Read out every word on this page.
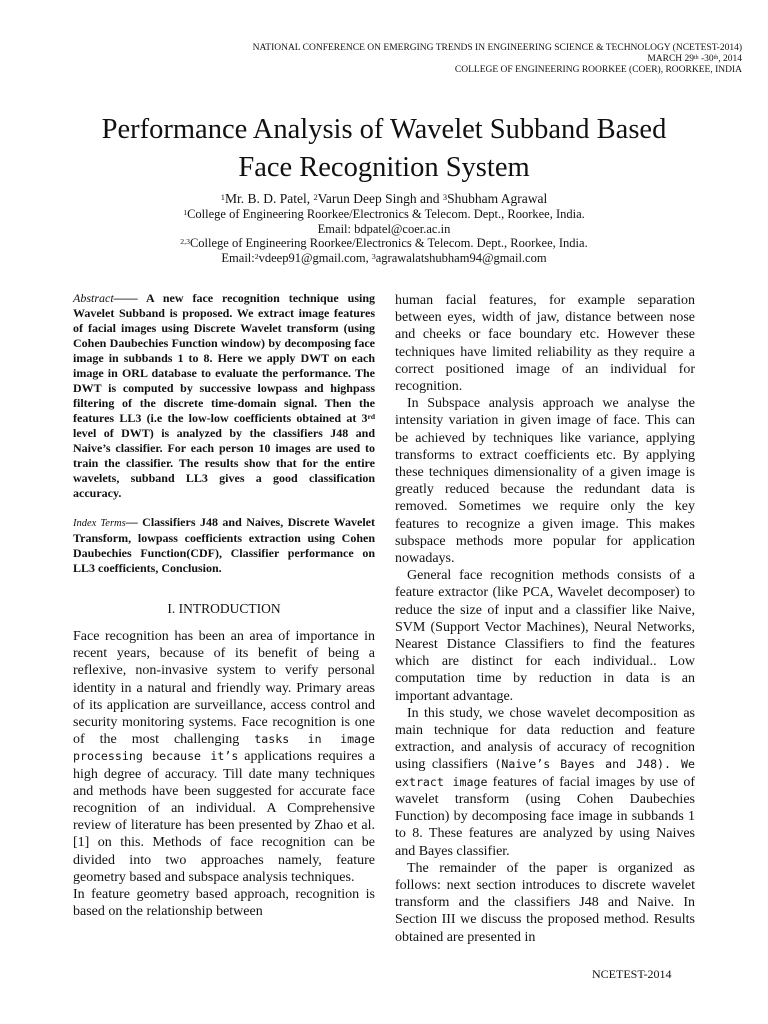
NATIONAL CONFERENCE ON EMERGING TRENDS IN ENGINEERING SCIENCE & TECHNOLOGY (NCETEST-2014)
MARCH 29th -30th, 2014
COLLEGE OF ENGINEERING ROORKEE (COER), ROORKEE, INDIA
Performance Analysis of Wavelet Subband Based
Face Recognition System
$^1$Mr. B. D. Patel, $^2$Varun Deep Singh and $^3$Shubham Agrawal
$^1$College of Engineering Roorkee/Electronics & Telecom. Dept., Roorkee, India.
Email: bdpatel@coer.ac.in
$^{2,3}$College of Engineering Roorkee/Electronics & Telecom. Dept., Roorkee, India.
Email:$^2$vdeep91@gmail.com, $^3$agrawalatshubham94@gmail.com

Abstract—— A new face recognition technique using Wavelet Subband is proposed. We extract image features of facial images using Discrete Wavelet transform (using Cohen Daubechies Function window) by decomposing face image in subbands 1 to 8. Here we apply DWT on each image in ORL database to evaluate the performance. The DWT is computed by successive lowpass and highpass filtering of the discrete time-domain signal. Then the features LL3 (i.e the low-low coefficients obtained at 3rd level of DWT) is analyzed by the classifiers J48 and Naive’s classifier. For each person 10 images are used to train the classifier. The results show that for the entire wavelets, subband LL3 gives a good classification accuracy.

Index Terms— Classifiers J48 and Naives, Discrete Wavelet Transform, lowpass coefficients extraction using Cohen Daubechies Function(CDF), Classifier performance on LL3 coefficients, Conclusion.

I. INTRODUCTION

Face recognition has been an area of importance in recent years, because of its benefit of being a reflexive, non-invasive system to verify personal identity in a natural and friendly way. Primary areas of its application are surveillance, access control and security monitoring systems. Face recognition is one of the most challenging tasks in image processing because it’s applications requires a high degree of accuracy. Till date many techniques and methods have been suggested for accurate face recognition of an individual. A Comprehensive review of literature has been presented by Zhao et al. [1] on this. Methods of face recognition can be divided into two approaches namely, feature geometry based and subspace analysis techniques.

In feature geometry based approach, recognition is based on the relationship between

human facial features, for example separation between eyes, width of jaw, distance between nose and cheeks or face boundary etc. However these techniques have limited reliability as they require a correct positioned image of an individual for recognition.

In Subspace analysis approach we analyse the intensity variation in given image of face. This can be achieved by techniques like variance, applying transforms to extract coefficients etc. By applying these techniques dimensionality of a given image is greatly reduced because the redundant data is removed. Sometimes we require only the key features to recognize a given image. This makes subspace methods more popular for application nowadays.

General face recognition methods consists of a feature extractor (like PCA, Wavelet decomposer) to reduce the size of input and a classifier like Naive, SVM (Support Vector Machines), Neural Networks, Nearest Distance Classifiers to find the features which are distinct for each individual.. Low computation time by reduction in data is an important advantage.

In this study, we chose wavelet decomposition as main technique for data reduction and feature extraction, and analysis of accuracy of recognition using classifiers (Naive’s Bayes and J48). We extract image features of facial images by use of wavelet transform (using Cohen Daubechies Function) by decomposing face image in subbands 1 to 8. These features are analyzed by using Naives and Bayes classifier.

The remainder of the paper is organized as follows: next section introduces to discrete wavelet transform and the classifiers J48 and Naive. In Section III we discuss the proposed method. Results obtained are presented in

NCETEST-2014
